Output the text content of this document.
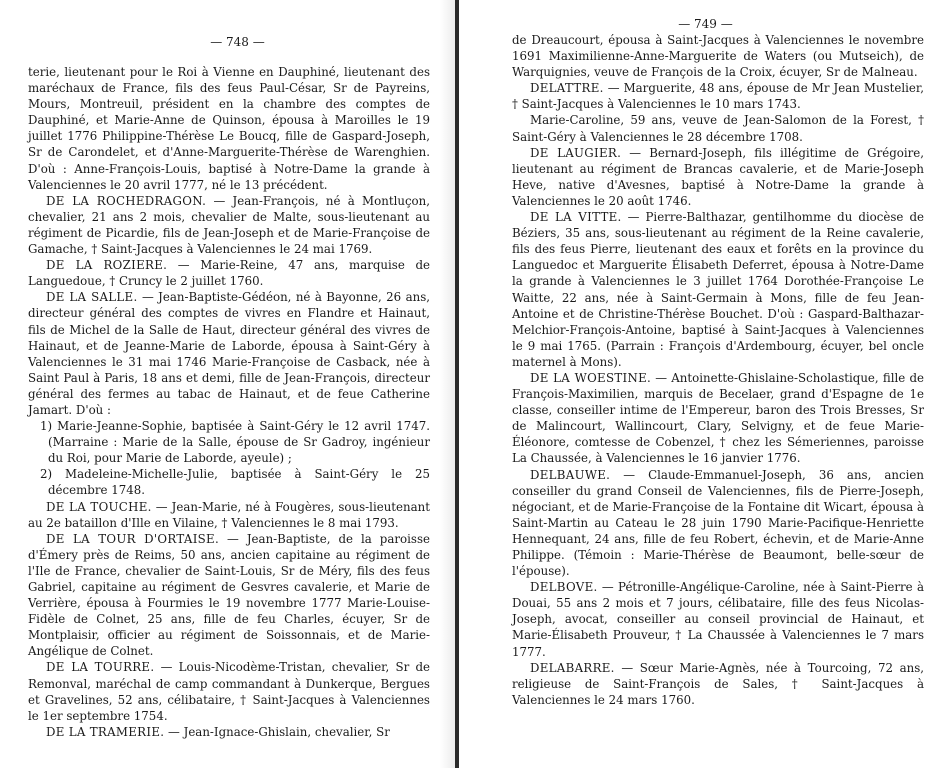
— 748 —

terie, lieutenant pour le Roi à Vienne en Dauphiné, lieutenant des maréchaux de France, fils des feus Paul-César, Sr de Payreins, Mours, Montreuil, président en la chambre des comptes de Dauphiné, et Marie-Anne de Quinson, épousa à Maroilles le 19 juillet 1776 Philippine-Thérèse Le Boucq, fille de Gaspard-Joseph, Sr de Carondelet, et d'Anne-Marguerite-Thérèse de Warenghien. D'où : Anne-François-Louis, baptisé à Notre-Dame la grande à Valenciennes le 20 avril 1777, né le 13 précédent.

DE LA ROCHEDRAGON. — Jean-François, né à Montluçon, chevalier, 21 ans 2 mois, chevalier de Malte, sous-lieutenant au régiment de Picardie, fils de Jean-Joseph et de Marie-Françoise de Gamache, † Saint-Jacques à Valenciennes le 24 mai 1769.

DE LA ROZIERE. — Marie-Reine, 47 ans, marquise de Languedoue, † Cruncy le 2 juillet 1760.

DE LA SALLE. — Jean-Baptiste-Gédéon, né à Bayonne, 26 ans, directeur général des comptes de vivres en Flandre et Hainaut, fils de Michel de la Salle de Haut, directeur général des vivres de Hainaut, et de Jeanne-Marie de Laborde, épousa à Saint-Géry à Valenciennes le 31 mai 1746 Marie-Françoise de Casback, née à Saint Paul à Paris, 18 ans et demi, fille de Jean-François, directeur général des fermes au tabac de Hainaut, et de feue Catherine Jamart. D'où :

1) Marie-Jeanne-Sophie, baptisée à Saint-Géry le 12 avril 1747. (Marraine : Marie de la Salle, épouse de Sr Gadroy, ingénieur du Roi, pour Marie de Laborde, ayeule) ;

2) Madeleine-Michelle-Julie, baptisée à Saint-Géry le 25 décembre 1748.

DE LA TOUCHE. — Jean-Marie, né à Fougères, sous-lieutenant au 2e bataillon d'Ille en Vilaine, † Valenciennes le 8 mai 1793.

DE LA TOUR D'ORTAISE. — Jean-Baptiste, de la paroisse d'Émery près de Reims, 50 ans, ancien capitaine au régiment de l'Ile de France, chevalier de Saint-Louis, Sr de Méry, fils des feus Gabriel, capitaine au régiment de Gesvres cavalerie, et Marie de Verrière, épousa à Fourmies le 19 novembre 1777 Marie-Louise-Fidèle de Colnet, 25 ans, fille de feu Charles, écuyer, Sr de Montplaisir, officier au régiment de Soissonnais, et de Marie-Angélique de Colnet.

DE LA TOURRE. — Louis-Nicodème-Tristan, chevalier, Sr de Remonval, maréchal de camp commandant à Dunkerque, Bergues et Gravelines, 52 ans, célibataire, † Saint-Jacques à Valenciennes le 1er septembre 1754.

DE LA TRAMERIE. — Jean-Ignace-Ghislain, chevalier, Sr

— 749 —

de Dreaucourt, épousa à Saint-Jacques à Valenciennes le novembre 1691 Maximilienne-Anne-Marguerite de Waters (ou Mutseich), de Warquignies, veuve de François de la Croix, écuyer, Sr de Malneau.

DELATTRE. — Marguerite, 48 ans, épouse de Mr Jean Mustelier, † Saint-Jacques à Valenciennes le 10 mars 1743.

Marie-Caroline, 59 ans, veuve de Jean-Salomon de la Forest, † Saint-Géry à Valenciennes le 28 décembre 1708.

DE LAUGIER. — Bernard-Joseph, fils illégitime de Grégoire, lieutenant au régiment de Brancas cavalerie, et de Marie-Joseph Heve, native d'Avesnes, baptisé à Notre-Dame la grande à Valenciennes le 20 août 1746.

DE LA VITTE. — Pierre-Balthazar, gentilhomme du diocèse de Béziers, 35 ans, sous-lieutenant au régiment de la Reine cavalerie, fils des feus Pierre, lieutenant des eaux et forêts en la province du Languedoc et Marguerite Élisabeth Deferret, épousa à Notre-Dame la grande à Valenciennes le 3 juillet 1764 Dorothée-Françoise Le Waitte, 22 ans, née à Saint-Germain à Mons, fille de feu Jean-Antoine et de Christine-Thérèse Bouchet. D'où : Gaspard-Balthazar-Melchior-François-Antoine, baptisé à Saint-Jacques à Valenciennes le 9 mai 1765. (Parrain : François d'Ardembourg, écuyer, bel oncle maternel à Mons).

DE LA WOESTINE. — Antoinette-Ghislaine-Scholastique, fille de François-Maximilien, marquis de Becelaer, grand d'Espagne de 1e classe, conseiller intime de l'Empereur, baron des Trois Bresses, Sr de Malincourt, Wallincourt, Clary, Selvigny, et de feue Marie-Éléonore, comtesse de Cobenzel, † chez les Sémeriennes, paroisse La Chaussée, à Valenciennes le 16 janvier 1776.

DELBAUWE. — Claude-Emmanuel-Joseph, 36 ans, ancien conseiller du grand Conseil de Valenciennes, fils de Pierre-Joseph, négociant, et de Marie-Françoise de la Fontaine dit Wicart, épousa à Saint-Martin au Cateau le 28 juin 1790 Marie-Pacifique-Henriette Hennequant, 24 ans, fille de feu Robert, échevin, et de Marie-Anne Philippe. (Témoin : Marie-Thérèse de Beaumont, belle-sœur de l'épouse).

DELBOVE. — Pétronille-Angélique-Caroline, née à Saint-Pierre à Douai, 55 ans 2 mois et 7 jours, célibataire, fille des feus Nicolas-Joseph, avocat, conseiller au conseil provincial de Hainaut, et Marie-Élisabeth Prouveur, † La Chaussée à Valenciennes le 7 mars 1777.

DELABARRE. — Sœur Marie-Agnès, née à Tourcoing, 72 ans, religieuse de Saint-François de Sales, † Saint-Jacques à Valenciennes le 24 mars 1760.
